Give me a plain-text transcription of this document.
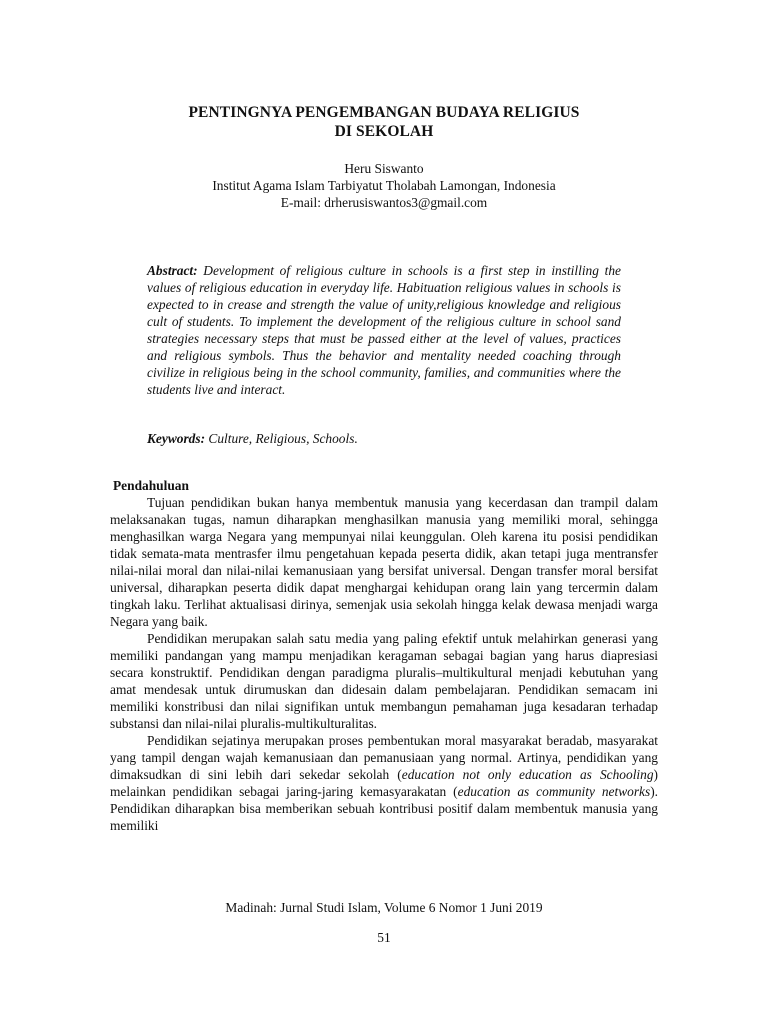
PENTINGNYA PENGEMBANGAN BUDAYA RELIGIUS
DI SEKOLAH
Heru Siswanto
Institut Agama Islam Tarbiyatut Tholabah Lamongan, Indonesia
E-mail: drherusiswantos3@gmail.com
Abstract: Development of religious culture in schools is a first step in instilling the values of religious education in everyday life. Habituation religious values in schools is expected to in crease and strength the value of unity,religious knowledge and religious cult of students. To implement the development of the religious culture in school sand strategies necessary steps that must be passed either at the level of values, practices and religious symbols. Thus the behavior and mentality needed coaching through civilize in religious being in the school community, families, and communities where the students live and interact.
Keywords: Culture, Religious, Schools.
Pendahuluan

Tujuan pendidikan bukan hanya membentuk manusia yang kecerdasan dan trampil dalam melaksanakan tugas, namun diharapkan menghasilkan manusia yang memiliki moral, sehingga menghasilkan warga Negara yang mempunyai nilai keunggulan. Oleh karena itu posisi pendidikan tidak semata-mata mentrasfer ilmu pengetahuan kepada peserta didik, akan tetapi juga mentransfer nilai-nilai moral dan nilai-nilai kemanusiaan yang bersifat universal. Dengan transfer moral bersifat universal, diharapkan peserta didik dapat menghargai kehidupan orang lain yang tercermin dalam tingkah laku. Terlihat aktualisasi dirinya, semenjak usia sekolah hingga kelak dewasa menjadi warga Negara yang baik.

Pendidikan merupakan salah satu media yang paling efektif untuk melahirkan generasi yang memiliki pandangan yang mampu menjadikan keragaman sebagai bagian yang harus diapresiasi secara konstruktif. Pendidikan dengan paradigma pluralis–multikultural menjadi kebutuhan yang amat mendesak untuk dirumuskan dan didesain dalam pembelajaran. Pendidikan semacam ini memiliki konstribusi dan nilai signifikan untuk membangun pemahaman juga kesadaran terhadap substansi dan nilai-nilai pluralis-multikulturalitas.

Pendidikan sejatinya merupakan proses pembentukan moral masyarakat beradab, masyarakat yang tampil dengan wajah kemanusiaan dan pemanusiaan yang normal. Artinya, pendidikan yang dimaksudkan di sini lebih dari sekedar sekolah (education not only education as Schooling) melainkan pendidikan sebagai jaring-jaring kemasyarakatan (education as community networks). Pendidikan diharapkan bisa memberikan sebuah kontribusi positif dalam membentuk manusia yang memiliki

Madinah: Jurnal Studi Islam, Volume 6 Nomor 1 Juni 2019
51
